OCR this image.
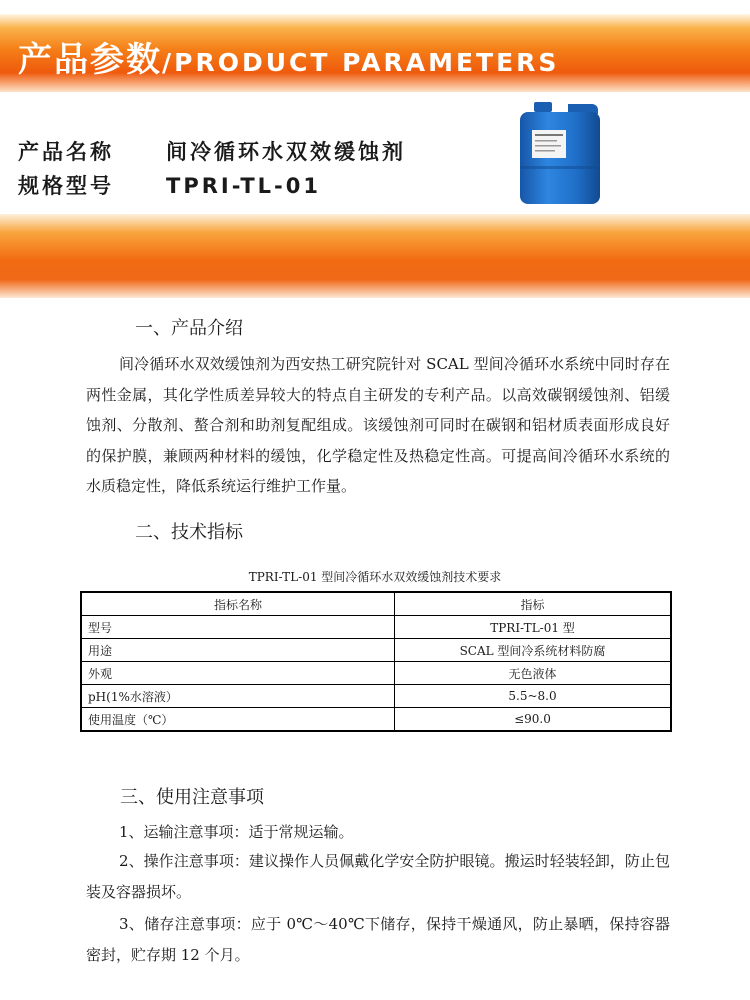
产品参数/PRODUCT PARAMETERS
产品名称 间冷循环水双效缓蚀剂
规格型号 TPRI-TL-01
一、产品介绍
间冷循环水双效缓蚀剂为西安热工研究院针对 SCAL 型间冷循环水系统中同时存在两性金属，其化学性质差异较大的特点自主研发的专利产品。以高效碳钢缓蚀剂、铝缓蚀剂、分散剂、螯合剂和助剂复配组成。该缓蚀剂可同时在碳钢和铝材质表面形成良好的保护膜，兼顾两种材料的缓蚀，化学稳定性及热稳定性高。可提高间冷循环水系统的水质稳定性，降低系统运行维护工作量。
二、技术指标
TPRI-TL-01 型间冷循环水双效缓蚀剂技术要求
指标名称	指标
型号	TPRI-TL-01 型
用途	SCAL 型间冷系统材料防腐
外观	无色液体
pH(1%水溶液）	5.5~8.0
使用温度（℃）	≤90.0
三、使用注意事项
1、运输注意事项：适于常规运输。
2、操作注意事项：建议操作人员佩戴化学安全防护眼镜。搬运时轻装轻卸，防止包装及容器损坏。
3、储存注意事项：应于 0℃～40℃下储存，保持干燥通风，防止暴晒，保持容器密封，贮存期 12 个月。
